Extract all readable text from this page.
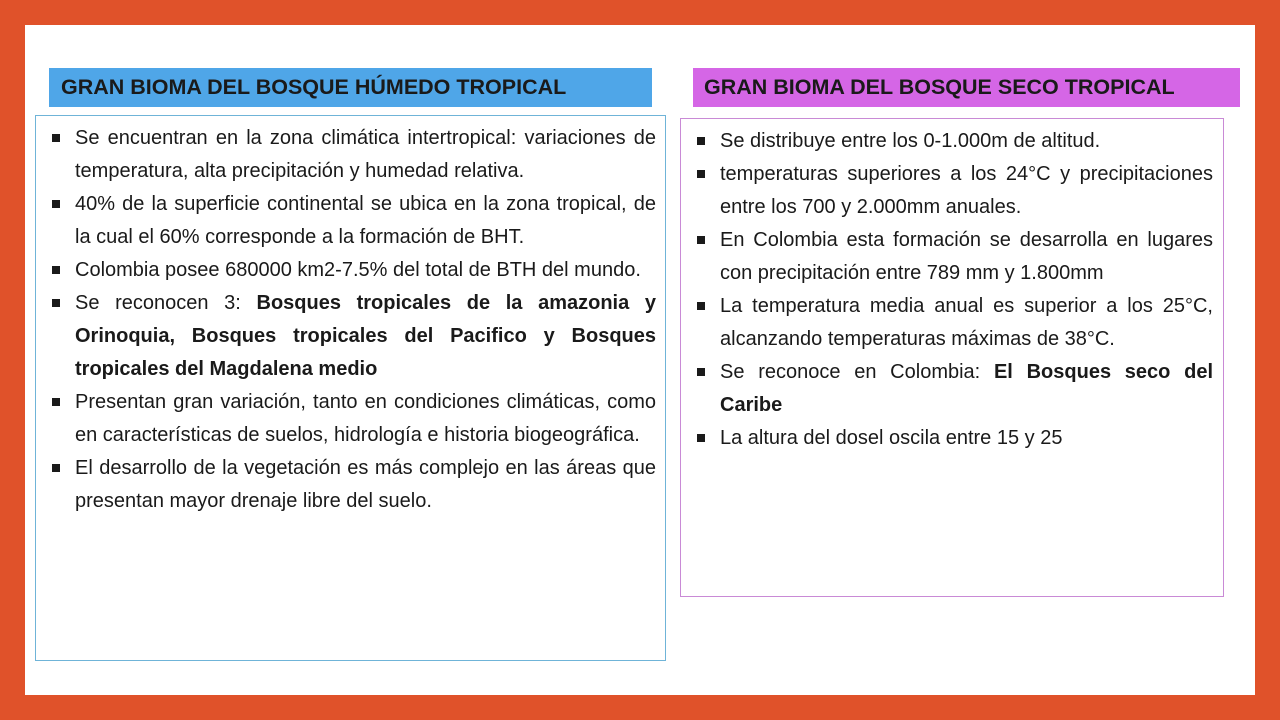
GRAN BIOMA DEL BOSQUE HÚMEDO TROPICAL	GRAN BIOMA DEL BOSQUE SECO TROPICAL
Se encuentran en la zona climática intertropical: variaciones de temperatura, alta precipitación y humedad relativa.
40% de la superficie continental se ubica en la zona tropical, de la cual el 60% corresponde a la formación de BHT.
Colombia posee 680000 km2-7.5% del total de BTH del mundo.
Se reconocen 3: Bosques tropicales de la amazonia y Orinoquia, Bosques tropicales del Pacifico y Bosques tropicales del Magdalena medio
Presentan gran variación, tanto en condiciones climáticas, como en características de suelos, hidrología e historia biogeográfica.
El desarrollo de la vegetación es más complejo en las áreas que presentan mayor drenaje libre del suelo.
Se distribuye entre los 0-1.000m de altitud.
temperaturas superiores a los 24°C y precipitaciones entre los 700 y 2.000mm anuales.
En Colombia esta formación se desarrolla en lugares con precipitación entre 789 mm y 1.800mm
La temperatura media anual es superior a los 25°C, alcanzando temperaturas máximas de 38°C.
Se reconoce en Colombia: El Bosques seco del Caribe
La altura del dosel oscila entre 15 y 25
